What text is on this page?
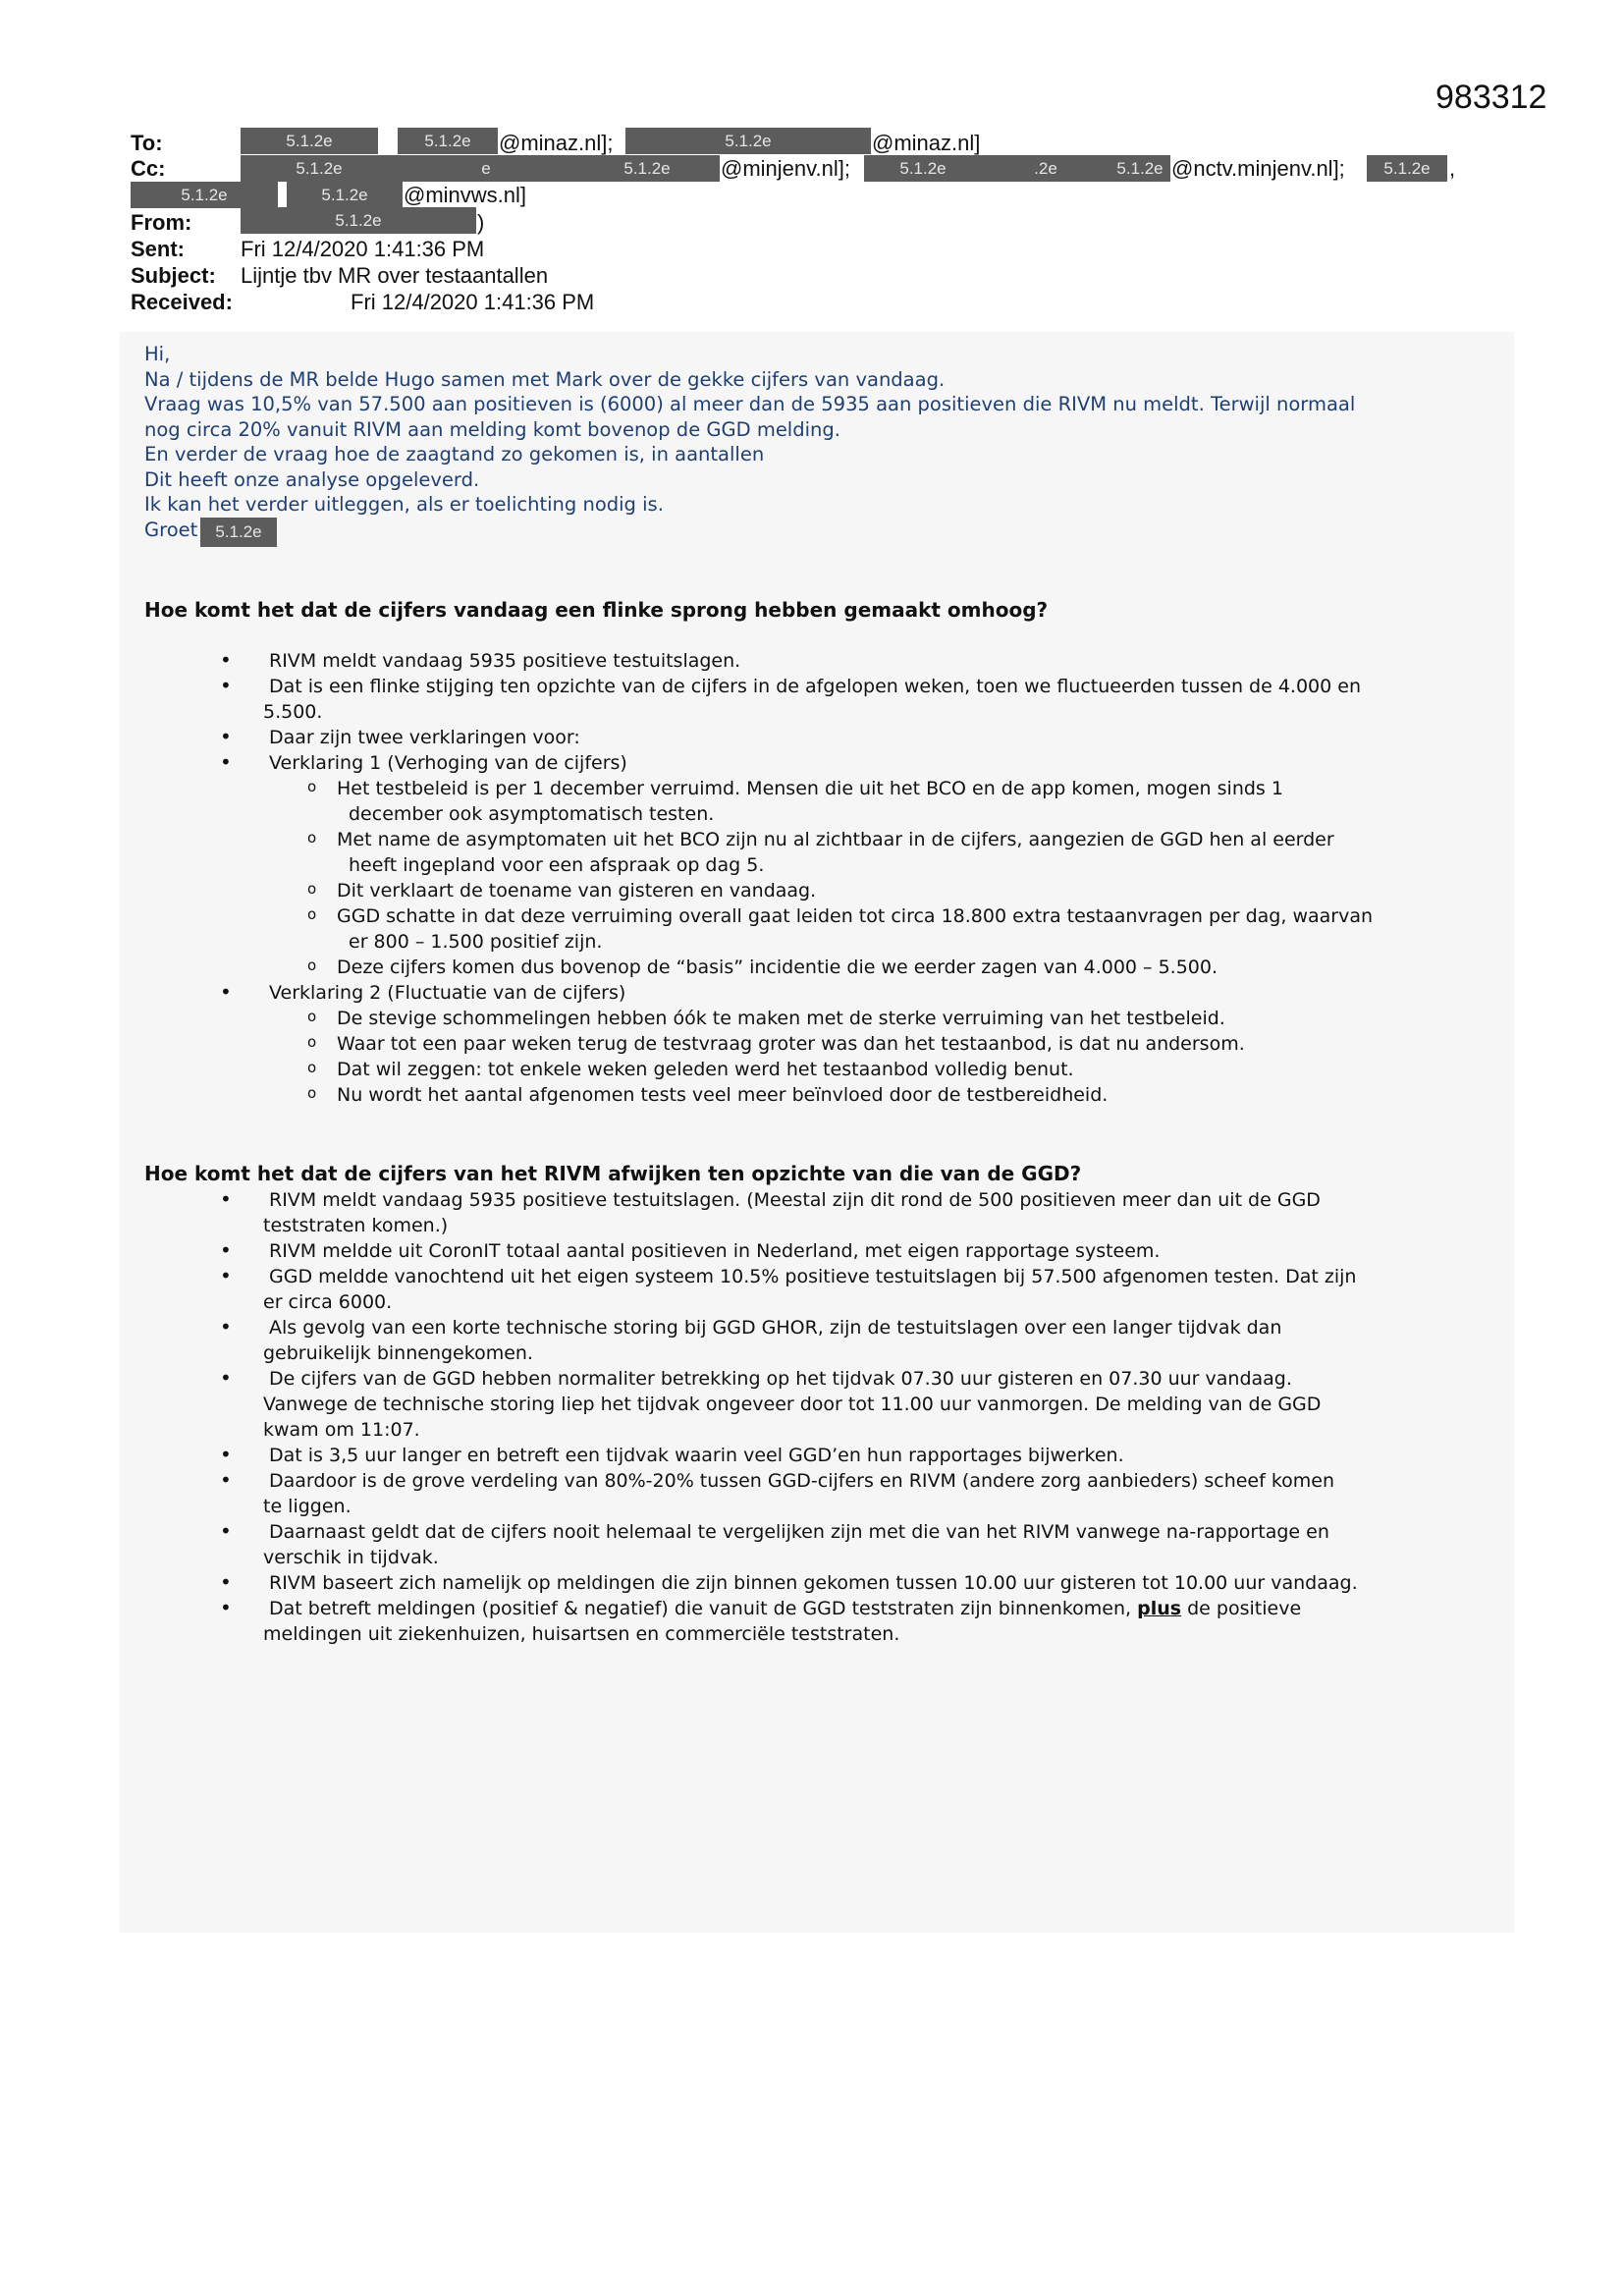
983312
To:	5.1.2e	5.1.2e	@minaz.nl];	5.1.2e	@minaz.nl]
Cc:	5.1.2e	e	5.1.2e	@minjenv.nl];	5.1.2e	.2e	5.1.2e @nctv.minjenv.nl];	5.1.2e ,
5.1.2e	5.1.2e	@minvws.nl]
From:	5.1.2e	)
Sent:	Fri 12/4/2020 1:41:36 PM
Subject: Lijntje tbv MR over testaantallen
Received:	Fri 12/4/2020 1:41:36 PM
Hi,
Na / tijdens de MR belde Hugo samen met Mark over de gekke cijfers van vandaag.
Vraag was 10,5% van 57.500 aan positieven is (6000) al meer dan de 5935 aan positieven die RIVM nu meldt. Terwijl normaal
nog circa 20% vanuit RIVM aan melding komt bovenop de GGD melding.
En verder de vraag hoe de zaagtand zo gekomen is, in aantallen
Dit heeft onze analyse opgeleverd.
Ik kan het verder uitleggen, als er toelichting nodig is.
Groet	5.1.2e
Hoe komt het dat de cijfers vandaag een flinke sprong hebben gemaakt omhoog?
• RIVM meldt vandaag 5935 positieve testuitslagen.
• Dat is een flinke stijging ten opzichte van de cijfers in de afgelopen weken, toen we fluctueerden tussen de 4.000 en
5.500.
• Daar zijn twee verklaringen voor:
• Verklaring 1 (Verhoging van de cijfers)
o Het testbeleid is per 1 december verruimd. Mensen die uit het BCO en de app komen, mogen sinds 1
december ook asymptomatisch testen.
o Met name de asymptomaten uit het BCO zijn nu al zichtbaar in de cijfers, aangezien de GGD hen al eerder
heeft ingepland voor een afspraak op dag 5.
o Dit verklaart de toename van gisteren en vandaag.
o GGD schatte in dat deze verruiming overall gaat leiden tot circa 18.800 extra testaanvragen per dag, waarvan
er 800 – 1.500 positief zijn.
o Deze cijfers komen dus bovenop de “basis” incidentie die we eerder zagen van 4.000 – 5.500.
• Verklaring 2 (Fluctuatie van de cijfers)
o De stevige schommelingen hebben óók te maken met de sterke verruiming van het testbeleid.
o Waar tot een paar weken terug de testvraag groter was dan het testaanbod, is dat nu andersom.
o Dat wil zeggen: tot enkele weken geleden werd het testaanbod volledig benut.
o Nu wordt het aantal afgenomen tests veel meer beïnvloed door de testbereidheid.
Hoe komt het dat de cijfers van het RIVM afwijken ten opzichte van die van de GGD?
• RIVM meldt vandaag 5935 positieve testuitslagen. (Meestal zijn dit rond de 500 positieven meer dan uit de GGD
teststraten komen.)
• RIVM meldde uit CoronIT totaal aantal positieven in Nederland, met eigen rapportage systeem.
• GGD meldde vanochtend uit het eigen systeem 10.5% positieve testuitslagen bij 57.500 afgenomen testen. Dat zijn
er circa 6000.
• Als gevolg van een korte technische storing bij GGD GHOR, zijn de testuitslagen over een langer tijdvak dan
gebruikelijk binnengekomen.
• De cijfers van de GGD hebben normaliter betrekking op het tijdvak 07.30 uur gisteren en 07.30 uur vandaag.
Vanwege de technische storing liep het tijdvak ongeveer door tot 11.00 uur vanmorgen. De melding van de GGD
kwam om 11:07.
• Dat is 3,5 uur langer en betreft een tijdvak waarin veel GGD’en hun rapportages bijwerken.
• Daardoor is de grove verdeling van 80%-20% tussen GGD-cijfers en RIVM (andere zorg aanbieders) scheef komen
te liggen.
• Daarnaast geldt dat de cijfers nooit helemaal te vergelijken zijn met die van het RIVM vanwege na-rapportage en
verschik in tijdvak.
• RIVM baseert zich namelijk op meldingen die zijn binnen gekomen tussen 10.00 uur gisteren tot 10.00 uur vandaag.
• Dat betreft meldingen (positief & negatief) die vanuit de GGD teststraten zijn binnenkomen, plus de positieve
meldingen uit ziekenhuizen, huisartsen en commerciële teststraten.
